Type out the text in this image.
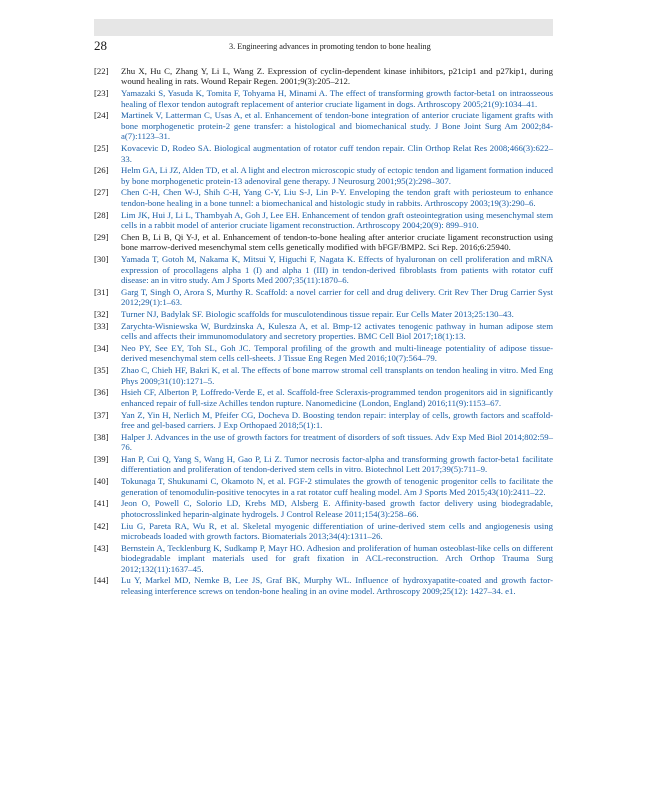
28	3. Engineering advances in promoting tendon to bone healing
[22] Zhu X, Hu C, Zhang Y, Li L, Wang Z. Expression of cyclin-dependent kinase inhibitors, p21cip1 and p27kip1, during wound healing in rats. Wound Repair Regen. 2001;9(3):205–212.
[23] Yamazaki S, Yasuda K, Tomita F, Tohyama H, Minami A. The effect of transforming growth factor-beta1 on intraosseous healing of flexor tendon autograft replacement of anterior cruciate ligament in dogs. Arthroscopy 2005;21(9):1034–41.
[24] Martinek V, Latterman C, Usas A, et al. Enhancement of tendon-bone integration of anterior cruciate ligament grafts with bone morphogenetic protein-2 gene transfer: a histological and biomechanical study. J Bone Joint Surg Am 2002;84-a(7):1123–31.
[25] Kovacevic D, Rodeo SA. Biological augmentation of rotator cuff tendon repair. Clin Orthop Relat Res 2008;466(3):622–33.
[26] Helm GA, Li JZ, Alden TD, et al. A light and electron microscopic study of ectopic tendon and ligament formation induced by bone morphogenetic protein-13 adenoviral gene therapy. J Neurosurg 2001;95(2):298–307.
[27] Chen C-H, Chen W-J, Shih C-H, Yang C-Y, Liu S-J, Lin P-Y. Enveloping the tendon graft with periosteum to enhance tendon-bone healing in a bone tunnel: a biomechanical and histologic study in rabbits. Arthroscopy 2003;19(3):290–6.
[28] Lim JK, Hui J, Li L, Thambyah A, Goh J, Lee EH. Enhancement of tendon graft osteointegration using mesenchymal stem cells in a rabbit model of anterior cruciate ligament reconstruction. Arthroscopy 2004;20(9): 899–910.
[29] Chen B, Li B, Qi Y-J, et al. Enhancement of tendon-to-bone healing after anterior cruciate ligament reconstruction using bone marrow-derived mesenchymal stem cells genetically modified with bFGF/BMP2. Sci Rep. 2016;6:25940.
[30] Yamada T, Gotoh M, Nakama K, Mitsui Y, Higuchi F, Nagata K. Effects of hyaluronan on cell proliferation and mRNA expression of procollagens alpha 1 (I) and alpha 1 (III) in tendon-derived fibroblasts from patients with rotator cuff disease: an in vitro study. Am J Sports Med 2007;35(11):1870–6.
[31] Garg T, Singh O, Arora S, Murthy R. Scaffold: a novel carrier for cell and drug delivery. Crit Rev Ther Drug Carrier Syst 2012;29(1):1–63.
[32] Turner NJ, Badylak SF. Biologic scaffolds for musculotendinous tissue repair. Eur Cells Mater 2013;25:130–43.
[33] Zarychta-Wisniewska W, Burdzinska A, Kulesza A, et al. Bmp-12 activates tenogenic pathway in human adipose stem cells and affects their immunomodulatory and secretory properties. BMC Cell Biol 2017;18(1):13.
[34] Neo PY, See EY, Toh SL, Goh JC. Temporal profiling of the growth and multi-lineage potentiality of adipose tissue-derived mesenchymal stem cells cell-sheets. J Tissue Eng Regen Med 2016;10(7):564–79.
[35] Zhao C, Chieh HF, Bakri K, et al. The effects of bone marrow stromal cell transplants on tendon healing in vitro. Med Eng Phys 2009;31(10):1271–5.
[36] Hsieh CF, Alberton P, Loffredo-Verde E, et al. Scaffold-free Scleraxis-programmed tendon progenitors aid in significantly enhanced repair of full-size Achilles tendon rupture. Nanomedicine (London, England) 2016;11(9):1153–67.
[37] Yan Z, Yin H, Nerlich M, Pfeifer CG, Docheva D. Boosting tendon repair: interplay of cells, growth factors and scaffold-free and gel-based carriers. J Exp Orthopaed 2018;5(1):1.
[38] Halper J. Advances in the use of growth factors for treatment of disorders of soft tissues. Adv Exp Med Biol 2014;802:59–76.
[39] Han P, Cui Q, Yang S, Wang H, Gao P, Li Z. Tumor necrosis factor-alpha and transforming growth factor-beta1 facilitate differentiation and proliferation of tendon-derived stem cells in vitro. Biotechnol Lett 2017;39(5):711–9.
[40] Tokunaga T, Shukunami C, Okamoto N, et al. FGF-2 stimulates the growth of tenogenic progenitor cells to facilitate the generation of tenomodulin-positive tenocytes in a rat rotator cuff healing model. Am J Sports Med 2015;43(10):2411–22.
[41] Jeon O, Powell C, Solorio LD, Krebs MD, Alsberg E. Affinity-based growth factor delivery using biodegradable, photocrosslinked heparin-alginate hydrogels. J Control Release 2011;154(3):258–66.
[42] Liu G, Pareta RA, Wu R, et al. Skeletal myogenic differentiation of urine-derived stem cells and angiogenesis using microbeads loaded with growth factors. Biomaterials 2013;34(4):1311–26.
[43] Bernstein A, Tecklenburg K, Sudkamp P, Mayr HO. Adhesion and proliferation of human osteoblast-like cells on different biodegradable implant materials used for graft fixation in ACL-reconstruction. Arch Orthop Trauma Surg 2012;132(11):1637–45.
[44] Lu Y, Markel MD, Nemke B, Lee JS, Graf BK, Murphy WL. Influence of hydroxyapatite-coated and growth factor-releasing interference screws on tendon-bone healing in an ovine model. Arthroscopy 2009;25(12): 1427–34. e1.
